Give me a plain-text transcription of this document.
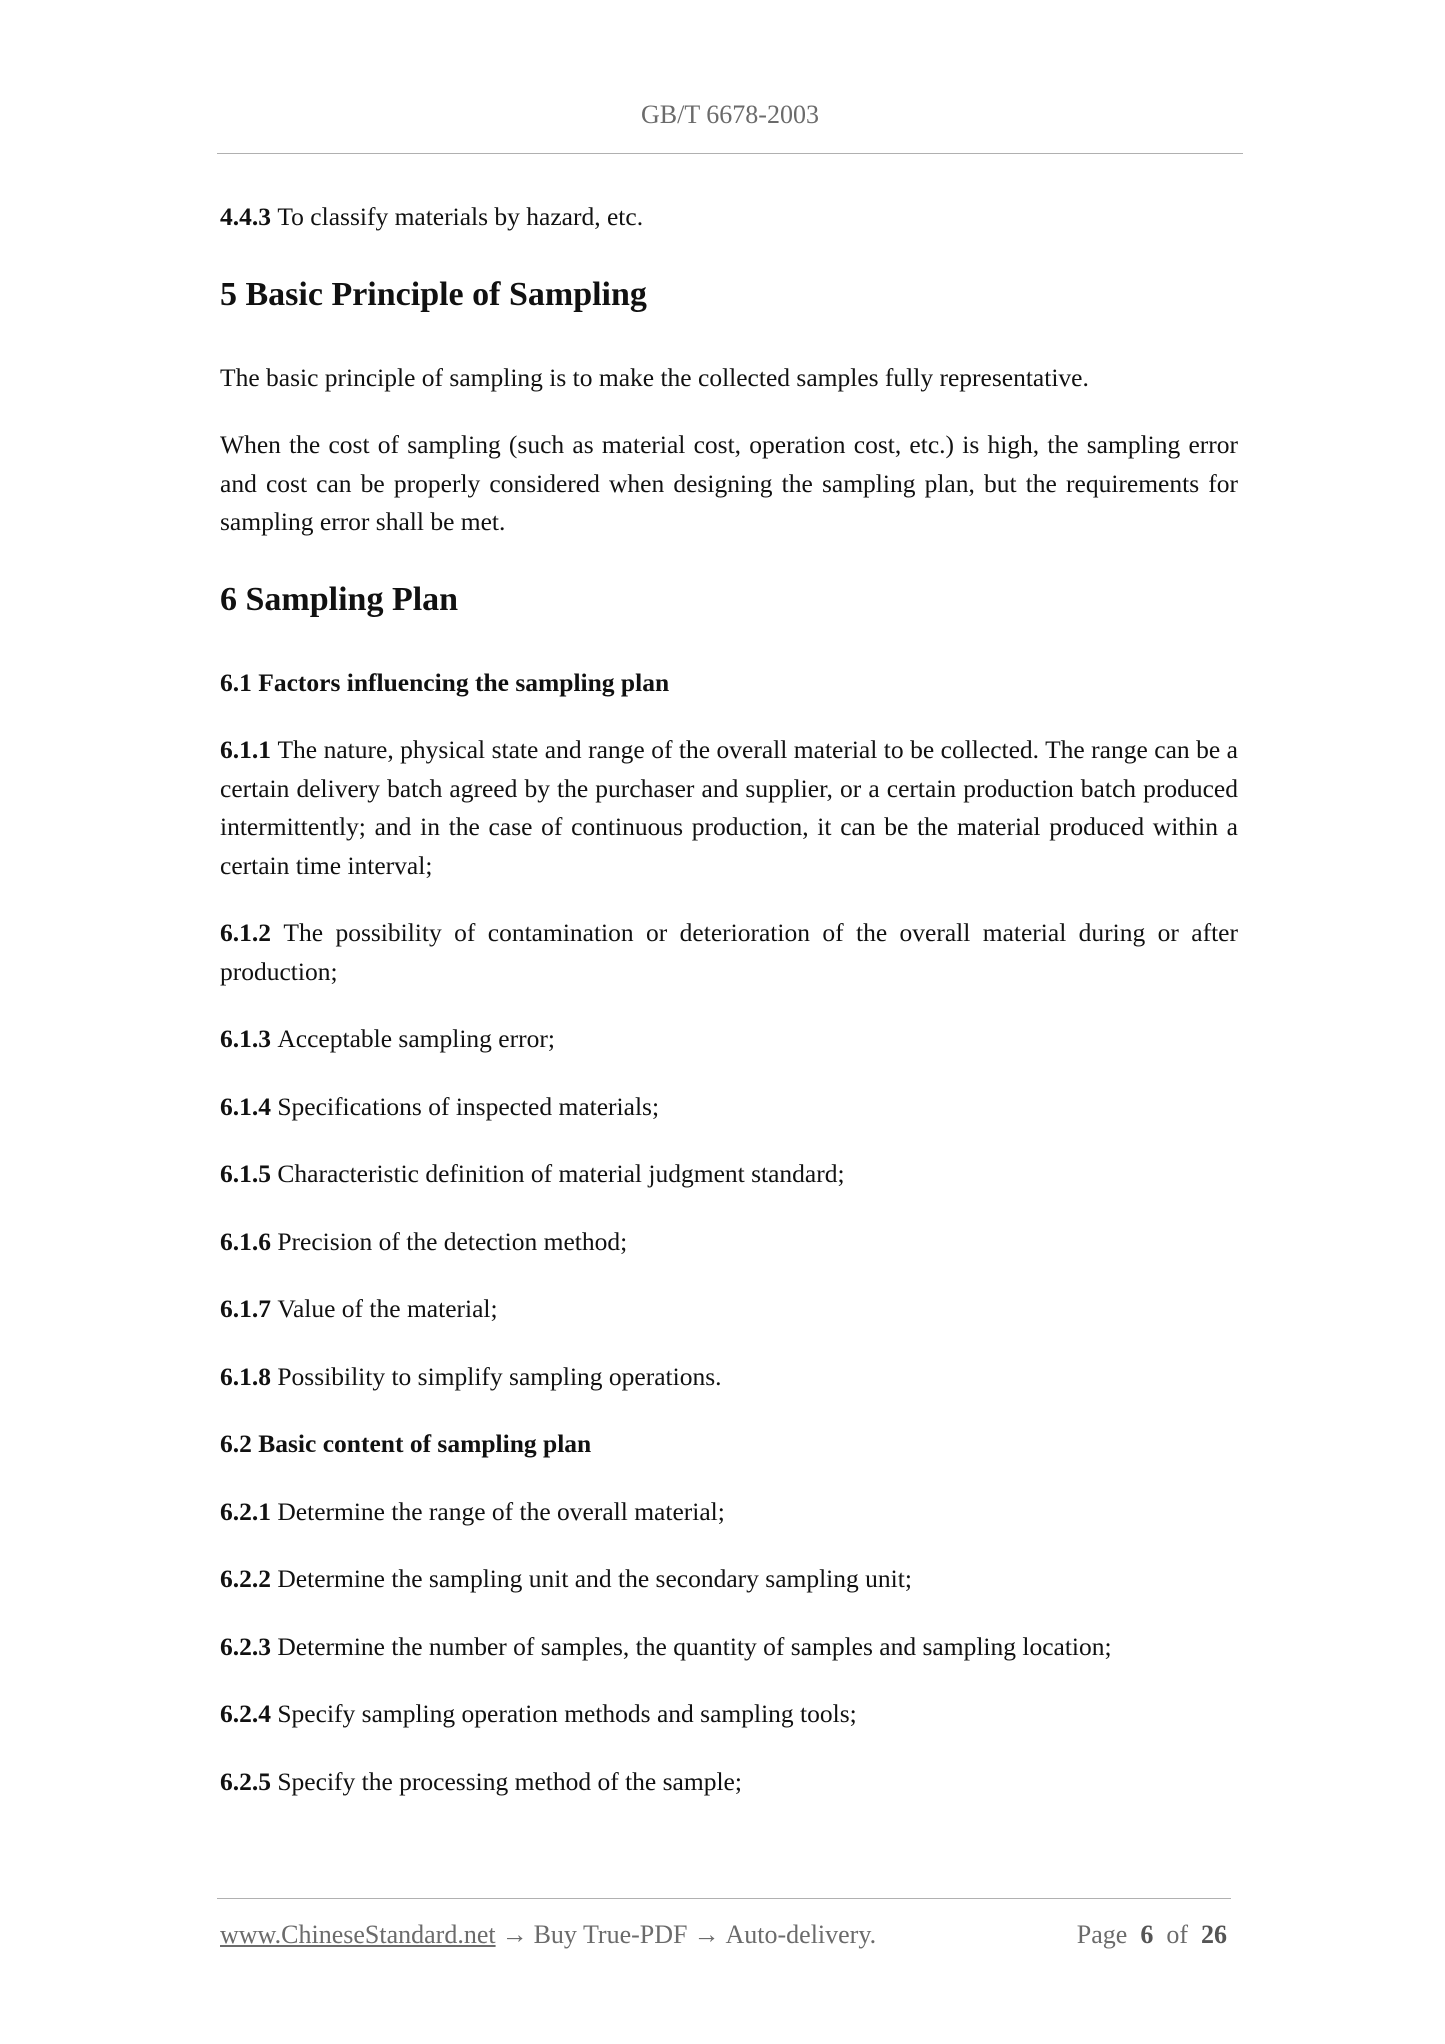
GB/T 6678-2003

4.4.3 To classify materials by hazard, etc.

5 Basic Principle of Sampling

The basic principle of sampling is to make the collected samples fully representative.

When the cost of sampling (such as material cost, operation cost, etc.) is high, the sampling error and cost can be properly considered when designing the sampling plan, but the requirements for sampling error shall be met.

6 Sampling Plan
6.1 Factors influencing the sampling plan

6.1.1 The nature, physical state and range of the overall material to be collected. The range can be a certain delivery batch agreed by the purchaser and supplier, or a certain production batch produced intermittently; and in the case of continuous production, it can be the material produced within a certain time interval;

6.1.2 The possibility of contamination or deterioration of the overall material during or after production;

6.1.3 Acceptable sampling error;

6.1.4 Specifications of inspected materials;

6.1.5 Characteristic definition of material judgment standard;

6.1.6 Precision of the detection method;

6.1.7 Value of the material;

6.1.8 Possibility to simplify sampling operations.

6.2 Basic content of sampling plan

6.2.1 Determine the range of the overall material;

6.2.2 Determine the sampling unit and the secondary sampling unit;

6.2.3 Determine the number of samples, the quantity of samples and sampling location;

6.2.4 Specify sampling operation methods and sampling tools;

6.2.5 Specify the processing method of the sample;

www.ChineseStandard.net → Buy True-PDF → Auto-delivery.	Page 6 of 26
